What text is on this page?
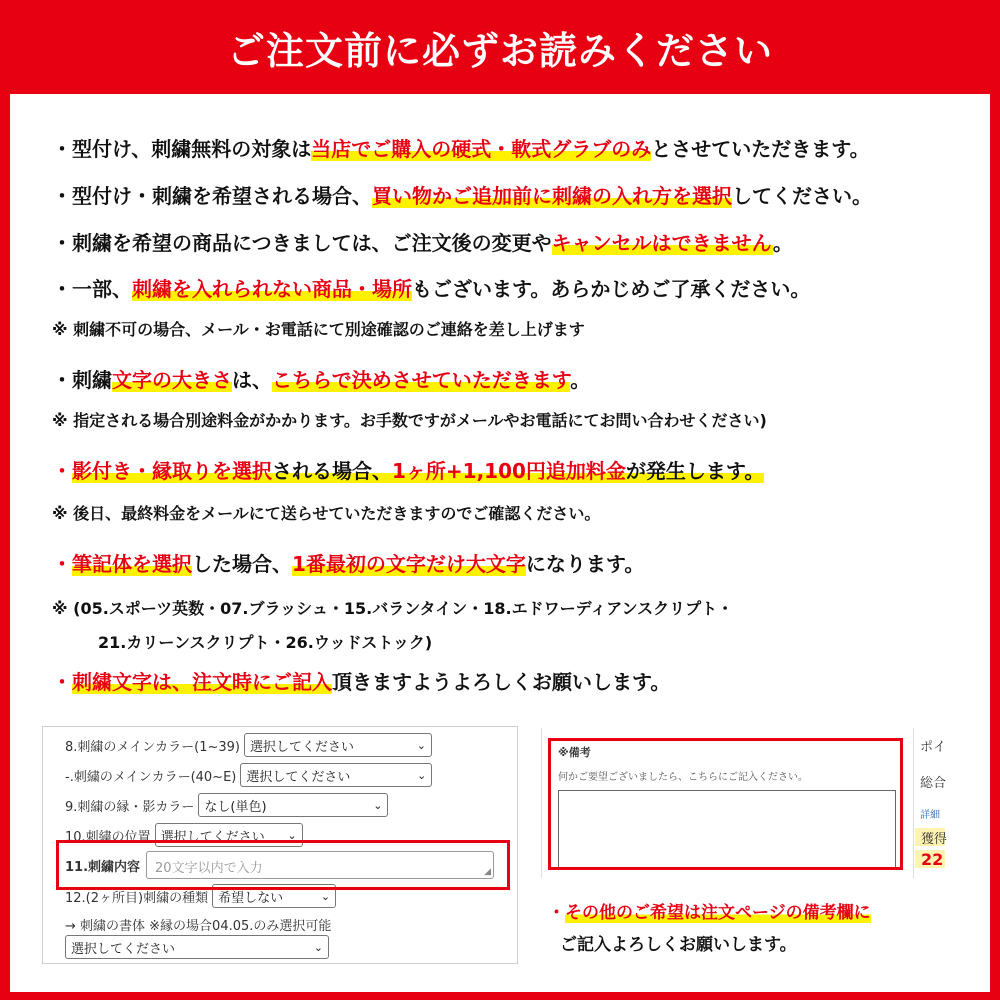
ご注文前に必ずお読みください
・型付け、刺繍無料の対象は当店でご購入の硬式・軟式グラブのみとさせていただきます。
・型付け・刺繍を希望される場合、買い物かご追加前に刺繍の入れ方を選択してください。
・刺繍を希望の商品につきましては、ご注文後の変更やキャンセルはできません。
・一部、刺繍を入れられない商品・場所もございます。あらかじめご了承ください。
※ 刺繍不可の場合、メール・お電話にて別途確認のご連絡を差し上げます
・刺繍文字の大きさは、こちらで決めさせていただきます。
※ 指定される場合別途料金がかかります。お手数ですがメールやお電話にてお問い合わせください)
・影付き・縁取りを選択される場合、1ヶ所+1,100円追加料金が発生します。
※ 後日、最終料金をメールにて送らせていただきますのでご確認ください。
・筆記体を選択した場合、1番最初の文字だけ大文字になります。
※ (05.スポーツ英数・07.ブラッシュ・15.バランタイン・18.エドワーディアンスクリプト・
21.カリーンスクリプト・26.ウッドストック)
・刺繍文字は、注文時にご記入頂きますようよろしくお願いします。
8.刺繍のメインカラー(1~39) 選択してください	⌄
-.刺繍のメインカラー(40~E) 選択してください	⌄
9.刺繍の縁・影カラー なし(単色)	⌄
10.刺繍の位置 選択してください ⌄
11.刺繍内容	20文字以内で入力	◢
12.(2ヶ所目)刺繍の種類 希望しない	⌄
→ 刺繍の書体 ※縁の場合04.05.のみ選択可能
選択してください	⌄
※備考
何かご要望ございましたら、こちらにご記入ください。
ポイ
総合
詳細
獲得
22
・その他のご希望は注文ページの備考欄に
ご記入よろしくお願いします。
